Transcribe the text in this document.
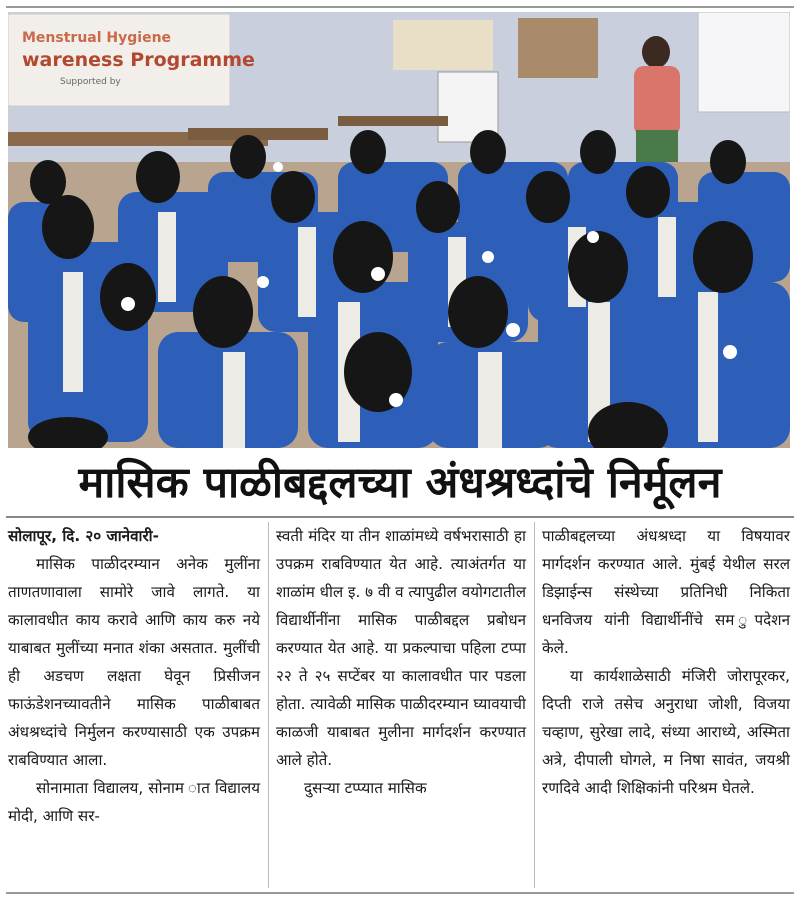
Menstrual Hygiene
wareness Programme
Supported by
मासिक पाळीबद्दलच्या अंधश्रध्दांचे निर्मूलन

सोलापूर, दि. २० जानेवारी-

मासिक पाळीदरम्यान अनेक मुलींना ताणतणावाला सामोरे जावे लागते. या कालावधीत काय करावे आणि काय करु नये याबाबत मुलींच्या मनात शंका असतात. मुलींची ही अडचण लक्षता घेवून प्रिसीजन फाऊंडेशनच्यावतीने मासिक पाळीबाबत अंधश्रध्दांचे निर्मुलन करण्यासाठी एक उपक्रम राबविण्यात आला.

सोनामाता विद्यालय, सोनाम ात विद्यालय मोदी, आणि सर-

स्वती मंदिर या तीन शाळांमध्ये वर्षभरासाठी हा उपक्रम राबविण्यात येत आहे. त्याअंतर्गत या शाळांम धील इ. ७ वी व त्यापुढील वयोगटातील विद्यार्थीनींना मासिक पाळीबद्दल प्रबोधन करण्यात येत आहे. या प्रकल्पाचा पहिला टप्पा २२ ते २५ सप्टेंबर या कालावधीत पार पडला होता. त्यावेळी मासिक पाळीदरम्यान घ्यावयाची काळजी याबाबत मुलीना मार्गदर्शन करण्यात आले होते.

दुसऱ्या टप्प्यात मासिक

पाळीबद्दलच्या अंधश्रध्दा या विषयावर मार्गदर्शन करण्यात आले. मुंबई येथील सरल डिझाईन्स संस्थेच्या प्रतिनिधी निकिता धनविजय यांनी विद्यार्थीनींचे सम ुपदेशन केले.

या कार्यशाळेसाठी मंजिरी जोरापूरकर, दिप्ती राजे तसेच अनुराधा जोशी, विजया चव्हाण, सुरेखा लादे, संध्या आराध्ये, अस्मिता अत्रे, दीपाली घोगले, म निषा सावंत, जयश्री रणदिवे आदी शिक्षिकांनी परिश्रम घेतले.
